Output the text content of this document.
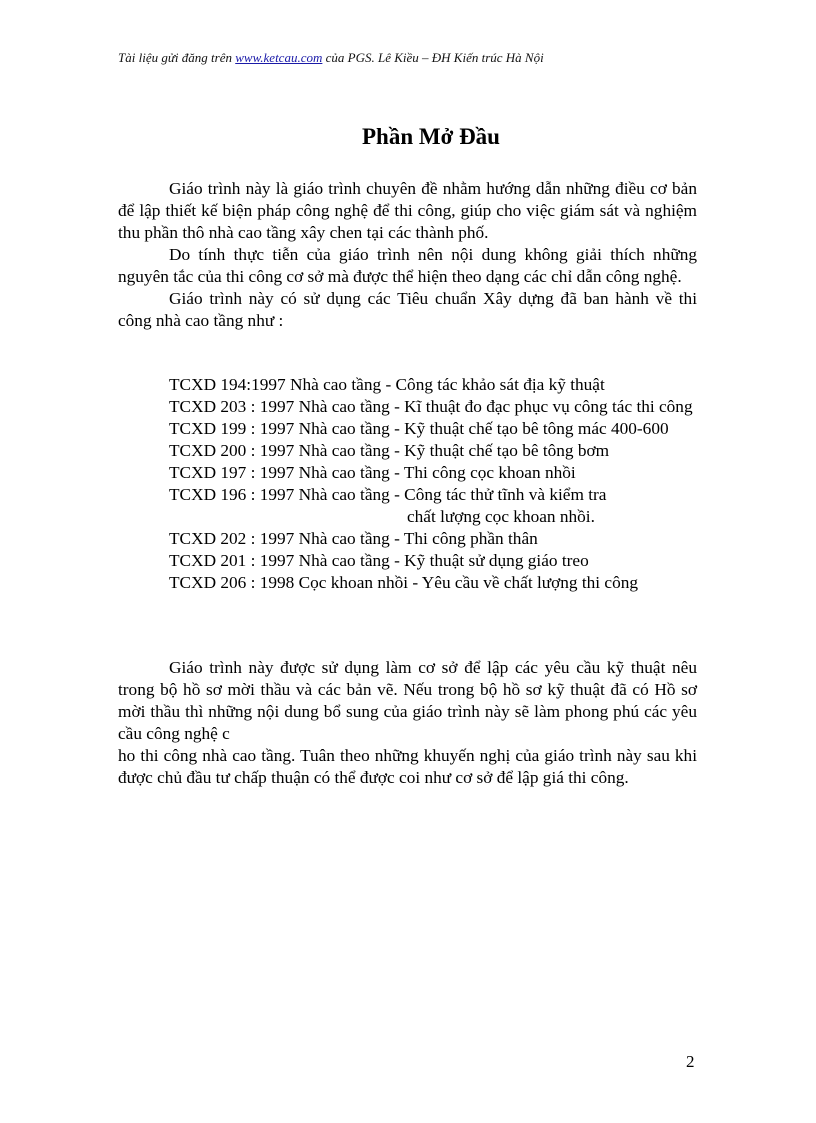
Tài liệu gửi đăng trên www.ketcau.com của PGS. Lê Kiều – ĐH Kiến trúc Hà Nội
Phần Mở Đầu

Giáo trình này là giáo trình chuyên đề nhằm hướng dẫn những điều cơ bản để lập thiết kế biện pháp công nghệ để thi công, giúp cho việc giám sát và nghiệm thu phần thô nhà cao tầng xây chen tại các thành phố.

Do tính thực tiễn của giáo trình nên nội dung không giải thích những nguyên tắc của thi công cơ sở mà được thể hiện theo dạng các chỉ dẫn công nghệ.

Giáo trình này có sử dụng các Tiêu chuẩn Xây dựng đã ban hành về thi công nhà cao tầng như :

TCXD 194:1997 Nhà cao tầng - Công tác khảo sát địa kỹ thuật

TCXD 203 : 1997 Nhà cao tầng - Kĩ thuật đo đạc phục vụ công tác thi công

TCXD 199 : 1997 Nhà cao tầng - Kỹ thuật chế tạo bê tông mác 400-600

TCXD 200 : 1997 Nhà cao tầng - Kỹ thuật chế tạo bê tông bơm

TCXD 197 : 1997 Nhà cao tầng - Thi công cọc khoan nhồi

TCXD 196 : 1997 Nhà cao tầng - Công tác thử tĩnh và kiểm tra
chất lượng cọc khoan nhồi.

TCXD 202 : 1997 Nhà cao tầng - Thi công phần thân

TCXD 201 : 1997 Nhà cao tầng - Kỹ thuật sử dụng giáo treo

TCXD 206 : 1998 Cọc khoan nhồi - Yêu cầu về chất lượng thi công

Giáo trình này được sử dụng làm cơ sở để lập các yêu cầu kỹ thuật nêu trong bộ hồ sơ mời thầu và các bản vẽ. Nếu trong bộ hồ sơ kỹ thuật đã có Hồ sơ mời thầu thì những nội dung bổ sung của giáo trình này sẽ làm phong phú các yêu cầu công nghệ c

ho thi công nhà cao tầng. Tuân theo những khuyến nghị của giáo trình này sau khi được chủ đầu tư chấp thuận có thể được coi như cơ sở để lập giá thi công.

2
